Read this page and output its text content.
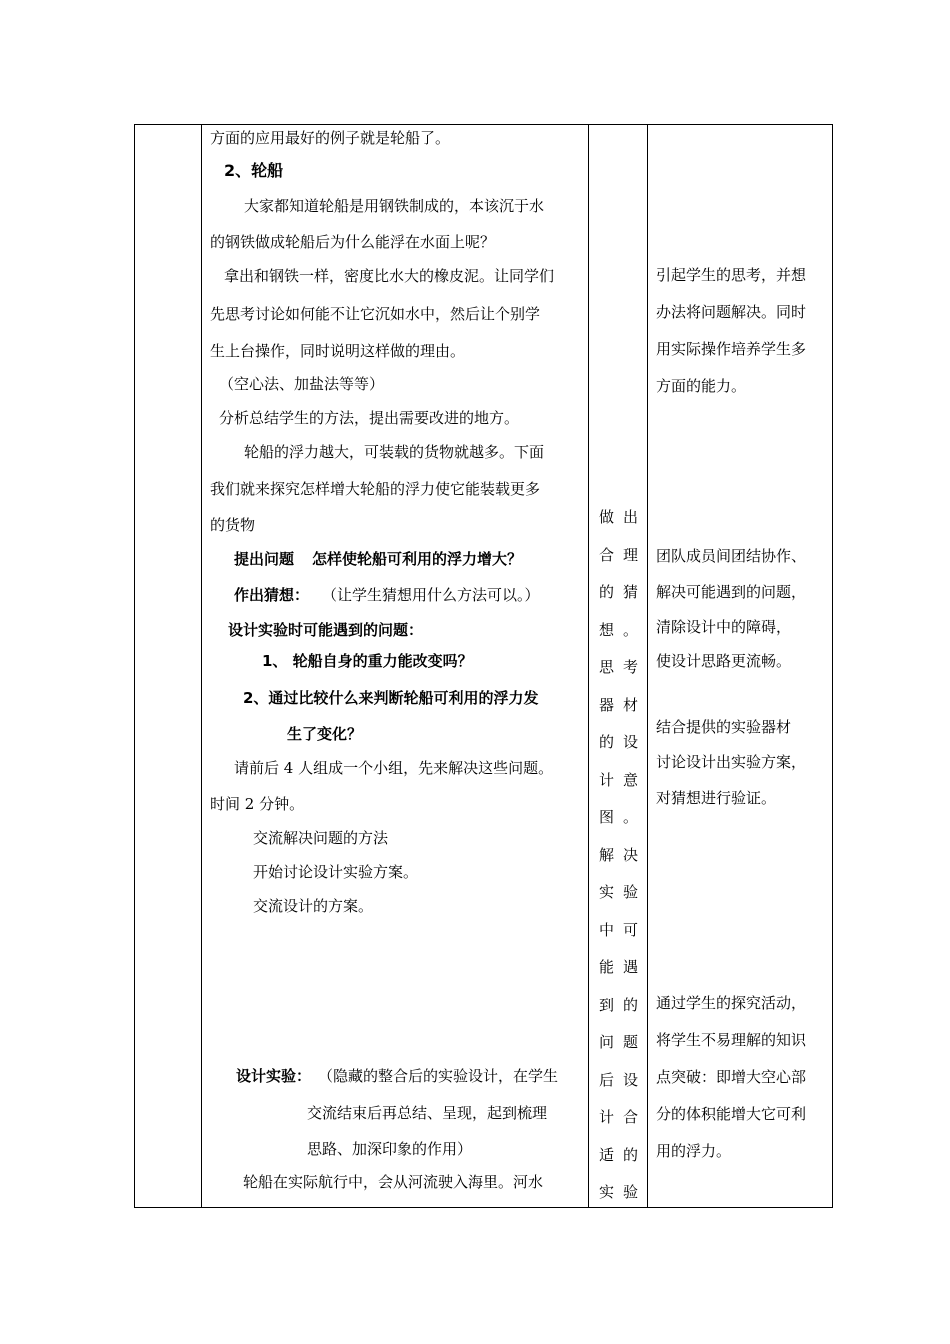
方面的应用最好的例子就是轮船了。
2、轮船
大家都知道轮船是用钢铁制成的，本该沉于水
的钢铁做成轮船后为什么能浮在水面上呢？
拿出和钢铁一样，密度比水大的橡皮泥。让同学们
先思考讨论如何能不让它沉如水中，然后让个别学
生上台操作，同时说明这样做的理由。
（空心法、加盐法等等）
分析总结学生的方法，提出需要改进的地方。
轮船的浮力越大，可装载的货物就越多。下面
我们就来探究怎样增大轮船的浮力使它能装载更多
的货物
提出问题 怎样使轮船可利用的浮力增大？
作出猜想： （让学生猜想用什么方法可以。）
设计实验时可能遇到的问题：
1、 轮船自身的重力能改变吗？
2、通过比较什么来判断轮船可利用的浮力发
生了变化？
请前后 4 人组成一个小组，先来解决这些问题。
时间 2 分钟。
交流解决问题的方法
开始讨论设计实验方案。
交流设计的方案。
设计实验： （隐藏的整合后的实验设计，在学生
交流结束后再总结、呈现，起到梳理
思路、加深印象的作用）
轮船在实际航行中，会从河流驶入海里。河水
做 出
合 理
的 猜
想 。
思 考
器 材
的 设
计 意
图 。
解 决
实 验
中 可
能 遇
到 的
问 题
后 设
计 合
适 的
实 验
引起学生的思考，并想
办法将问题解决。同时
用实际操作培养学生多
方面的能力。
团队成员间团结协作、
解决可能遇到的问题，
清除设计中的障碍，
使设计思路更流畅。
结合提供的实验器材
讨论设计出实验方案，
对猜想进行验证。
通过学生的探究活动，
将学生不易理解的知识
点突破：即增大空心部
分的体积能增大它可利
用的浮力。
